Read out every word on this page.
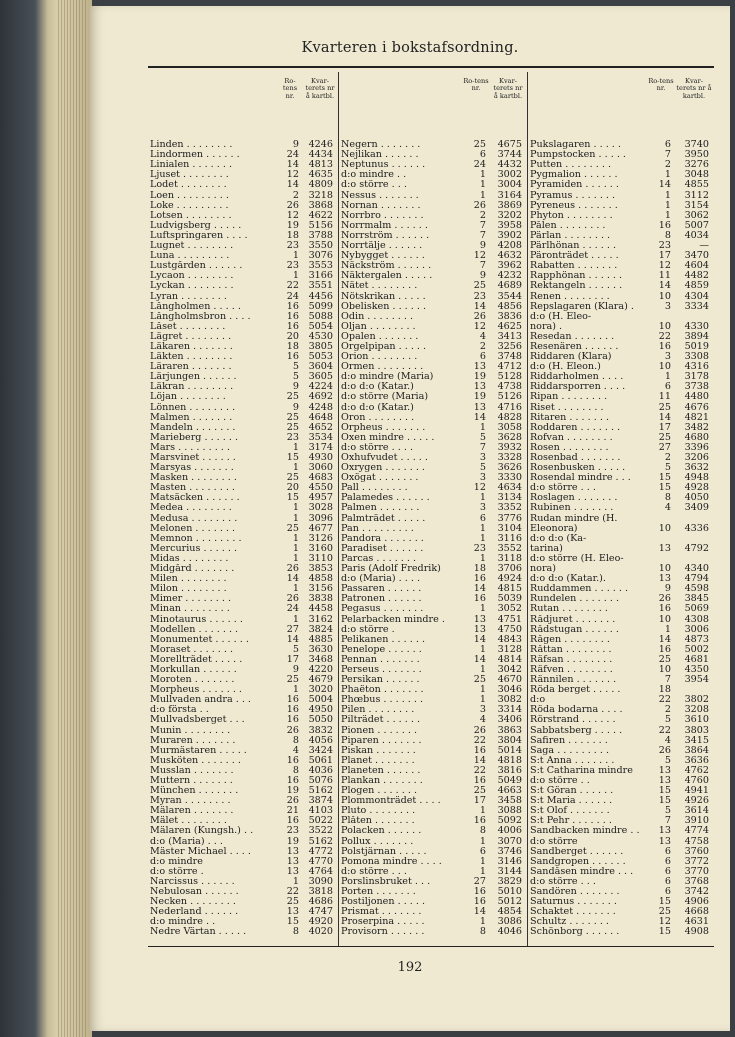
Kvarteren i bokstafsordning.
Ro-tens nr.
Kvar-terets nr å kartbl.
Linden . . . . . . . .	9 4246
Lindormen . . . . . .	24 4434
Linialen . . . . . . .	14 4813
Ljuset . . . . . . . .	12 4635
Lodet . . . . . . . .	14 4809
Loen . . . . . . . . .	2 3218
Loke . . . . . . . . .	26 3868
Lotsen . . . . . . . .	12 4622
Ludvigsberg . . . . .	19 5156
Luftspringaren . . . .	18 3788
Lugnet . . . . . . . .	23 3550
Luna . . . . . . . . .	1 3076
Lustgården . . . . . .	23 3553
Lycaon . . . . . . . .	1 3166
Lyckan . . . . . . . .	22 3551
Lyran . . . . . . . .	24 4456
Långholmen . . . . .	16 5099
Långholmsbron . . . .	16 5088
Låset . . . . . . . .	16 5054
Lägret . . . . . . . .	20 4530
Läkaren . . . . . . .	18 3805
Läkten . . . . . . . .	16 5053
Läraren . . . . . . .	5 3604
Lärjungen . . . . . .	5 3605
Läkran . . . . . . . .	9 4224
Löjan . . . . . . . .	25 4692
Lönnen . . . . . . . .	9 4248
Malmen . . . . . . .	25 4648
Mandeln . . . . . . .	25 4652
Marieberg . . . . . .	23 3534
Mars . . . . . . . . .	1 3174
Marsvinet . . . . . .	15 4930
Marsyas . . . . . . .	1 3060
Masken . . . . . . . .	25 4683
Masten . . . . . . . .	20 4550
Matsäcken . . . . . .	15 4957
Medea . . . . . . . .	1 3028
Medusa . . . . . . . .	1 3096
Melonen . . . . . . .	25 4677
Memnon . . . . . . . .	1 3126
Mercurius . . . . . .	1 3160
Midas . . . . . . . .	1 3110
Midgård . . . . . . .	26 3853
Milen . . . . . . . .	14 4858
Milon . . . . . . . .	1 3156
Mimer . . . . . . . .	26 3838
Minan . . . . . . . .	24 4458
Minotaurus . . . . . .	1 3162
Modellen . . . . . . .	27 3824
Monumentet . . . . . .	14 4885
Moraset . . . . . . .	5 3630
Morellträdet . . . . .	17 3468
Morkullan . . . . . .	9 4220
Moroten . . . . . . .	25 4679
Morpheus . . . . . . .	1 3020
Mullvaden andra . . .	16 5004
d:o första . .	16 4950
Mullvadsberget . . .	16 5050
Munin . . . . . . . .	26 3832
Muraren . . . . . . .	8 4056
Murmästaren . . . . .	4 3424
Musköten . . . . . . .	16 5061
Musslan . . . . . . .	8 4036
Muttern . . . . . . .	16 5076
München . . . . . . .	19 5162
Myran . . . . . . . .	26 3874
Mälaren . . . . . . .	21 4103
Mälet . . . . . . . .	16 5022
Mälaren (Kungsh.) . .	23 3522
d:o (Maria) . . .	19 5162
Mäster Michael . . . .	13 4772
d:o mindre	13 4770
d:o större .	13 4764
Narcissus . . . . . .	1 3090
Nebulosan . . . . . .	22 3818
Necken . . . . . . . .	25 4686
Nederland . . . . . .	13 4747
d:o mindre . .	15 4920
Nedre Värtan . . . . .	8 4020
Ro-tens nr.
Kvar-terets nr å kartbl.
Negern . . . . . . .	25	4675
Nejlikan . . . . . .	6	3744
Neptunus . . . . . .	24	4432
d:o mindre . .	1	3002
d:o större . . .	1	3004
Nessus . . . . . . .	1	3164
Nornan . . . . . . .	26	3869
Norrbro . . . . . . .	2	3202
Norrmalm . . . . . .	7	3958
Norrström . . . . . .	7	3902
Norrtälje . . . . . .	9	4208
Nybygget . . . . . .	12	4632
Näckström . . . . . .	7	3962
Näktergalen . . . . .	9	4232
Nätet . . . . . . . .	25	4689
Nötskrikan . . . . .	23	3544
Obelisken . . . . . .	14	4856
Odin . . . . . . . .	26	3836
Oljan . . . . . . . .	12	4625
Opalen . . . . . . .	4	3413
Orgelpipan . . . . .	2	3256
Orion . . . . . . . .	6	3748
Ormen . . . . . . . .	13	4712
d:o mindre (Maria)	19	5128
d:o d:o (Katar.)	13	4738
d:o större (Maria)	19	5126
d:o d:o (Katar.)	13	4716
Oron . . . . . . . .	14	4828
Orpheus . . . . . . .	1	3058
Oxen mindre . . . . .	5	3628
d:o större . . . .	7	3932
Oxhufvudet . . . . .	3	3328
Oxrygen . . . . . . .	5	3626
Oxögat . . . . . . .	3	3330
Pall . . . . . . . .	12	4634
Palamedes . . . . . .	1	3134
Palmen . . . . . . .	3	3352
Palmträdet . . . . .	6	3776
Pan . . . . . . . . .	1	3104
Pandora . . . . . . .	1	3116
Paradiset . . . . . .	23	3552
Parcas . . . . . . .	1	3118
Paris (Adolf Fredrik)	18	3706
d:o (Maria) . . . .	16	4924
Passaren . . . . . .	14	4815
Patronen . . . . . .	16	5039
Pegasus . . . . . . .	1	3052
Pelarbacken mindre .	13	4751
d:o större .	13	4750
Pelikanen . . . . . .	14	4843
Penelope . . . . . .	1	3128
Pennan . . . . . . .	14	4814
Perseus . . . . . . .	1	3042
Persikan . . . . . .	25	4670
Phaëton . . . . . . .	1	3046
Phœbus . . . . . . .	1	3082
Pilen . . . . . . . .	3	3314
Pilträdet . . . . . .	4	3406
Pionen . . . . . . .	26	3863
Piparen . . . . . . .	22	3804
Piskan . . . . . . .	16	5014
Planet . . . . . . .	14	4818
Planeten . . . . . .	22	3816
Plankan . . . . . . .	16	5049
Plogen . . . . . . .	25	4663
Plommonträdet . . . .	17	3458
Pluto . . . . . . . .	1	3088
Plåten . . . . . . .	16	5092
Polacken . . . . . .	8	4006
Pollux . . . . . . .	1	3070
Polstjärnan . . . . .	6	3746
Pomona mindre . . . .	1	3146
d:o större . . .	1	3144
Porslinsbruket . . .	27	3829
Porten . . . . . . .	16	5010
Postiljonen . . . . .	16	5012
Prismat . . . . . . .	14	4854
Proserpina . . . . .	1	3086
Provisorn . . . . . .	8	4046
Ro-tens nr.
Kvar-terets nr å kartbl.
Pukslagaren . . . . .	6	3740
Pumpstocken . . . . .	7	3950
Putten . . . . . . . .	2	3276
Pygmalion . . . . . .	1	3048
Pyramiden . . . . . .	14	4855
Pyramus . . . . . . .	1	3112
Pyreneus . . . . . . .	1	3154
Phyton . . . . . . . .	1	3062
Pålen . . . . . . . .	16	5007
Pärlan . . . . . . . .	8	4034
Pärlhönan . . . . . .	23	—
Päronträdet . . . . .	17	3470
Rabatten . . . . . . .	12	4604
Rapphönan . . . . . .	11	4482
Rektangeln . . . . . .	14	4859
Renen . . . . . . . .	10	4304
Repslagaren (Klara) .	3	3334
d:o (H. Eleo-
nora) .	10	4330
Resedan . . . . . . .	22	3894
Resenären . . . . . .	16	5019
Riddaren (Klara)	3	3308
d:o (H. Eleon.)	10	4316
Riddarholmen . . . .	1	3178
Riddarsporren . . . .	6	3738
Ripan . . . . . . . .	11	4480
Riset . . . . . . . .	25	4676
Ritaren . . . . . . .	14	4821
Roddaren . . . . . . .	17	3482
Rofvan . . . . . . . .	25	4680
Rosen . . . . . . . .	27	3396
Rosenbad . . . . . . .	2	3206
Rosenbusken . . . . .	5	3632
Rosendal mindre . . .	15	4948
d:o större . . .	15	4928
Roslagen . . . . . . .	8	4050
Rubinen . . . . . . .	4	3409
Rudan mindre (H.
Eleonora)	10	4336
d:o d:o (Ka-
tarina)	13	4792
d:o större (H. Eleo-
nora)	10	4340
d:o d:o (Katar.).	13	4794
Ruddammen . . . . . .	9	4598
Rundelen . . . . . . .	26	3845
Rutan . . . . . . . .	16	5069
Rådjuret . . . . . . .	10	4308
Rådstugan . . . . . .	1	3006
Rågen . . . . . . . .	14	4873
Råttan . . . . . . . .	16	5002
Räfsan . . . . . . . .	25	4681
Räfven . . . . . . . .	10	4350
Rännilen . . . . . . .	7	3954
Röda berget . . . . .	18
d:o	22	3802
Röda bodarna . . . .	2	3208
Rörstrand . . . . . .	5	3610
Sabbatsberg . . . . .	22	3803
Safiren . . . . . . .	4	3415
Saga . . . . . . . . .	26	3864
S:t Anna . . . . . . .	5	3636
S:t Catharina mindre	13	4762
d:o större . .	13	4760
S:t Göran . . . . . .	15	4941
S:t Maria . . . . . .	15	4926
S:t Olof . . . . . . .	5	3614
S:t Pehr . . . . . . .	7	3910
Sandbacken mindre . .	13	4774
d:o större	13	4758
Sandberget . . . . . .	6	3760
Sandgropen . . . . . .	6	3772
Sandåsen mindre . . .	6	3770
d:o större . . .	6	3768
Sandören . . . . . . .	6	3742
Saturnus . . . . . . .	15	4906
Schaktet . . . . . . .	25	4668
Schultz . . . . . . .	12	4631
Schönborg . . . . . .	15	4908
192
